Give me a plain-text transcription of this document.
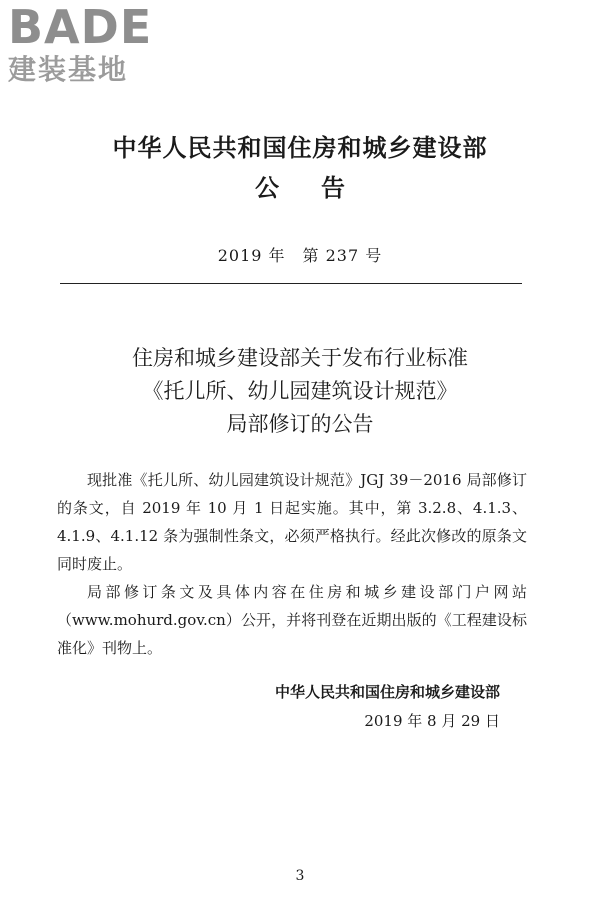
BADE
建装基地
中华人民共和国住房和城乡建设部
公告
2019 年　第 237 号
住房和城乡建设部关于发布行业标准
《托儿所、幼儿园建筑设计规范》
局部修订的公告

现批准《托儿所、幼儿园建筑设计规范》JGJ 39－2016 局部修订的条文，自 2019 年 10 月 1 日起实施。其中，第 3.2.8、4.1.3、4.1.9、4.1.12 条为强制性条文，必须严格执行。经此次修改的原条文同时废止。

局部修订条文及具体内容在住房和城乡建设部门户网站（www.mohurd.gov.cn）公开，并将刊登在近期出版的《工程建设标准化》刊物上。

中华人民共和国住房和城乡建设部
2019 年 8 月 29 日
3
